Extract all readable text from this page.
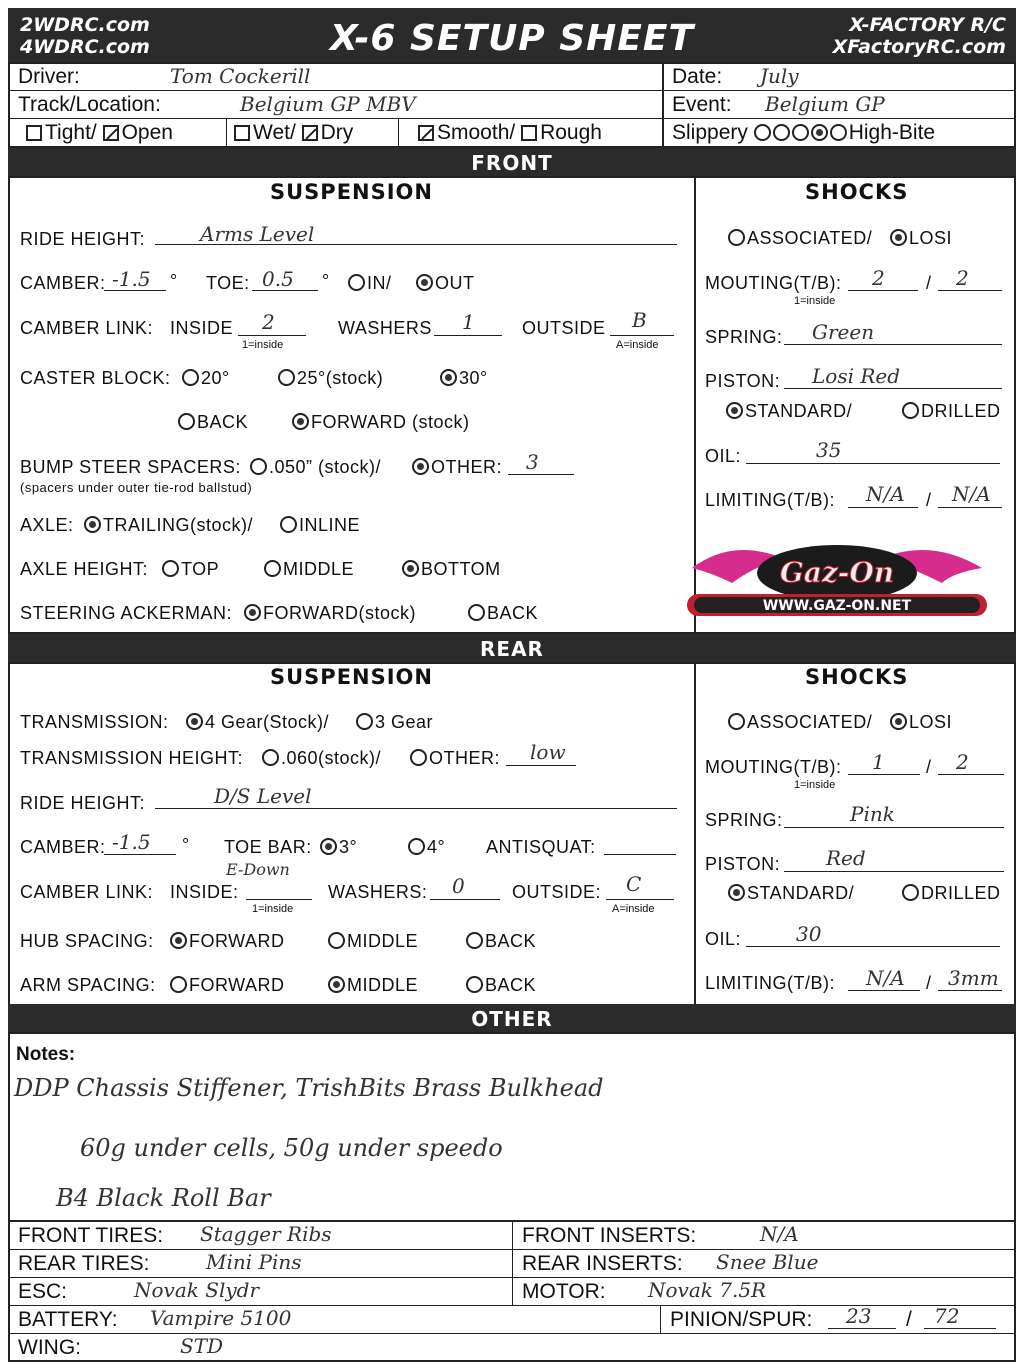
2WDRC.com
4WDRC.com	X-6 SETUP SHEET	X-FACTORY R/C
XFactoryRC.com
Driver:	Tom Cockerill	Date: July
Track/Location:	Belgium GP MBV	Event: Belgium GP
Tight/ Open	Wet/ Dry	Smooth/ Rough	Slippery	High-Bite
FRONT
SUSPENSION	SHOCKS
RIDE HEIGHT:	Arms Level
CAMBER: -1.5 ° TOE: 0.5 °	IN/	OUT
CAMBER LINK: INSIDE 2
1=inside
WASHERS 1	OUTSIDE B
A=inside
CASTER BLOCK:	20°	25°(stock)	30°
BACK	FORWARD (stock)
BUMP STEER SPACERS:	.050” (stock)/	OTHER: 3
(spacers under outer tie-rod ballstud)
AXLE:	TRAILING(stock)/	INLINE
AXLE HEIGHT:	TOP	MIDDLE	BOTTOM
STEERING ACKERMAN:	FORWARD(stock)	BACK
ASSOCIATED/	LOSI
MOUTING(T/B): 2 / 2
1=inside
SPRING: Green
PISTON: Losi Red
STANDARD/	DRILLED
OIL:	35
LIMITING(T/B): N/A / N/A
Gaz-On
WWW.GAZ-ON.NET
REAR
SUSPENSION	SHOCKS
TRANSMISSION:	4 Gear(Stock)/	3 Gear
TRANSMISSION HEIGHT:	.060(stock)/	OTHER: low
RIDE HEIGHT:	D/S Level
CAMBER: -1.5 ° TOE BAR:	3°	4° ANTISQUAT:
CAMBER LINK: INSIDE:
E-Down
1=inside
WASHERS: 0	OUTSIDE: C
A=inside
HUB SPACING:	FORWARD	MIDDLE	BACK
ARM SPACING:	FORWARD	MIDDLE	BACK
ASSOCIATED/	LOSI
MOUTING(T/B): 1 / 2
1=inside
SPRING:	Pink
PISTON: Red
STANDARD/	DRILLED
OIL:	30
LIMITING(T/B): N/A / 3mm
OTHER
Notes:
DDP Chassis Stiffener, TrishBits Brass Bulkhead
60g under cells, 50g under speedo
B4 Black Roll Bar
FRONT TIRES: Stagger Ribs	FRONT INSERTS:	N/A
REAR TIRES:	Mini Pins	REAR INSERTS: Snee Blue
ESC:	Novak Slydr	MOTOR: Novak 7.5R
BATTERY: Vampire 5100	PINION/SPUR: 23 / 72
WING:	STD
